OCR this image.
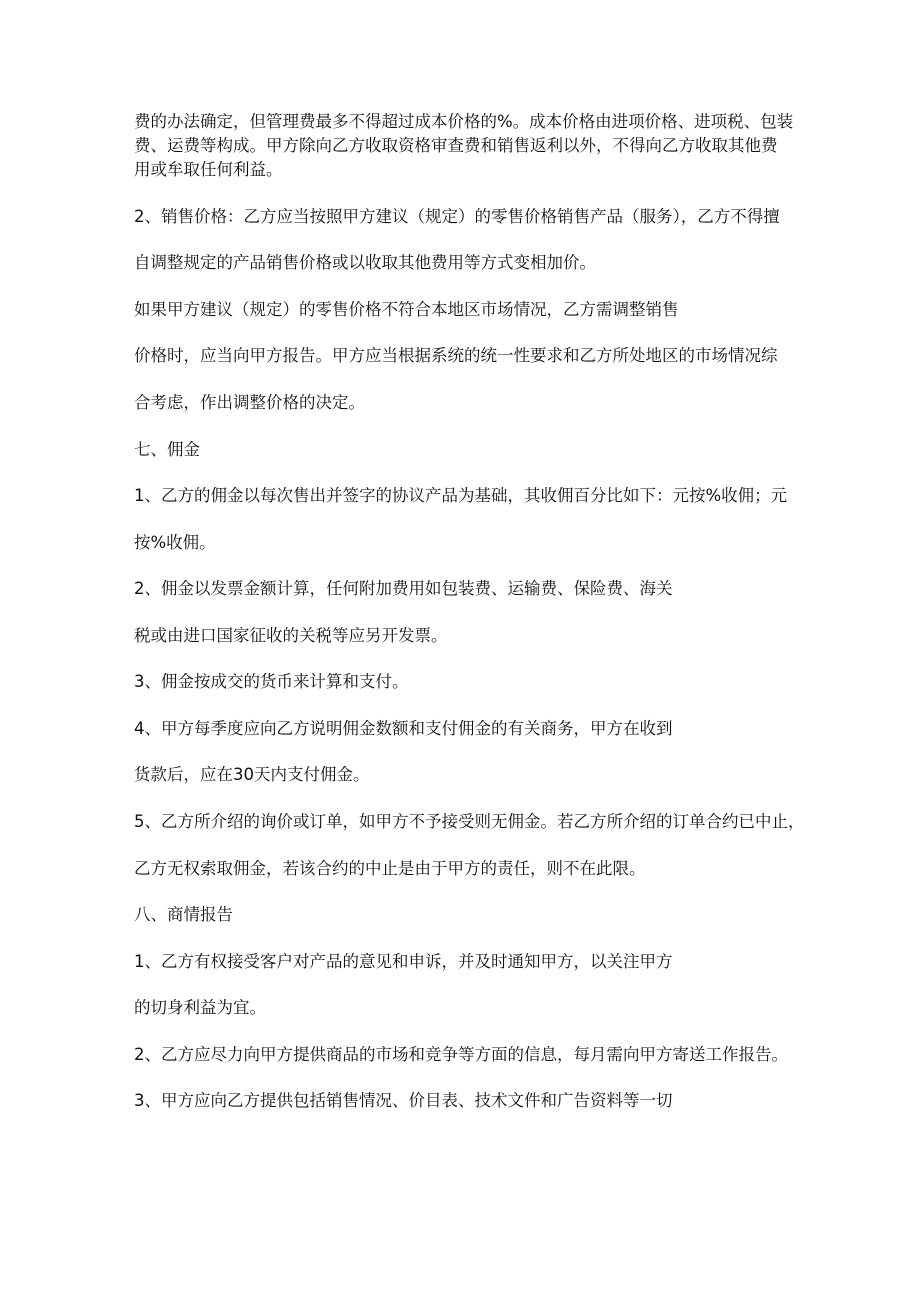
费的办法确定，但管理费最多不得超过成本价格的%。成本价格由进项价格、进项税、包装
费、运费等构成。甲方除向乙方收取资格审查费和销售返利以外，不得向乙方收取其他费
用或牟取任何利益。
2、销售价格：乙方应当按照甲方建议（规定）的零售价格销售产品（服务），乙方不得擅
自调整规定的产品销售价格或以收取其他费用等方式变相加价。
如果甲方建议（规定）的零售价格不符合本地区市场情况，乙方需调整销售
价格时，应当向甲方报告。甲方应当根据系统的统一性要求和乙方所处地区的市场情况综
合考虑，作出调整价格的决定。
七、佣金
1、乙方的佣金以每次售出并签字的协议产品为基础，其收佣百分比如下：元按%收佣；元
按%收佣。
2、佣金以发票金额计算，任何附加费用如包装费、运输费、保险费、海关
税或由进口国家征收的关税等应另开发票。
3、佣金按成交的货币来计算和支付。
4、甲方每季度应向乙方说明佣金数额和支付佣金的有关商务，甲方在收到
货款后，应在30天内支付佣金。
5、乙方所介绍的询价或订单，如甲方不予接受则无佣金。若乙方所介绍的订单合约已中止，
乙方无权索取佣金，若该合约的中止是由于甲方的责任，则不在此限。
八、商情报告
1、乙方有权接受客户对产品的意见和申诉，并及时通知甲方，以关注甲方
的切身利益为宜。
2、乙方应尽力向甲方提供商品的市场和竞争等方面的信息，每月需向甲方寄送工作报告。
3、甲方应向乙方提供包括销售情况、价目表、技术文件和广告资料等一切
